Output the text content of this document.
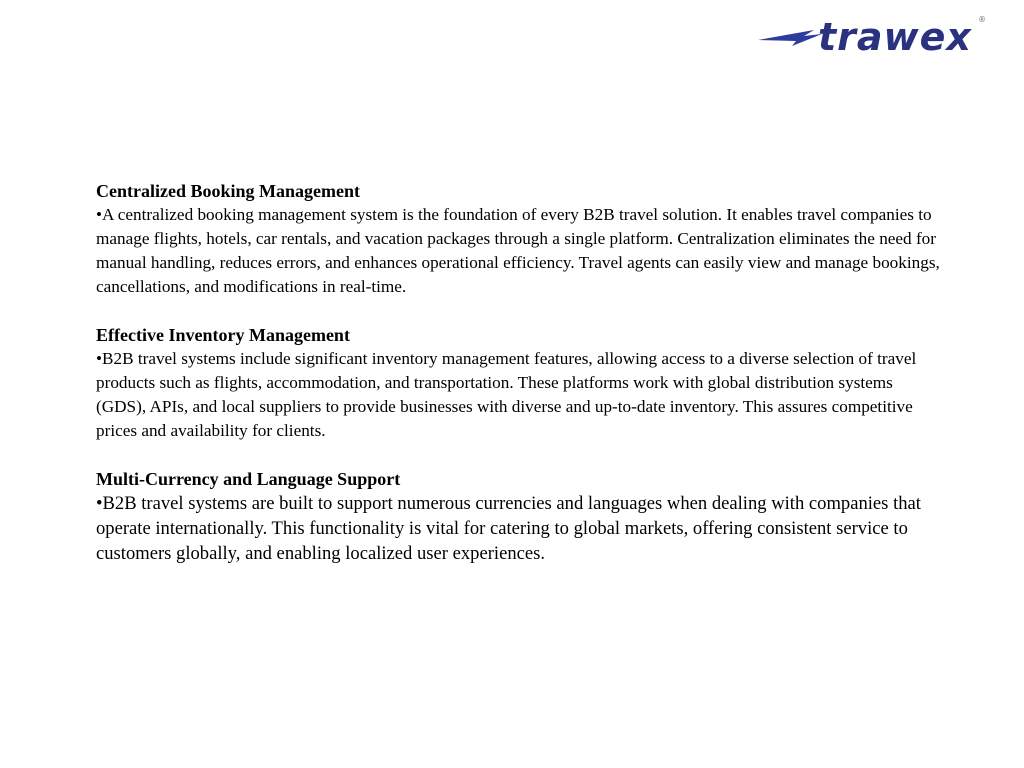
trawex ®

Centralized Booking Management

•A centralized booking management system is the foundation of every B2B travel solution. It enables travel companies to manage flights, hotels, car rentals, and vacation packages through a single platform. Centralization eliminates the need for manual handling, reduces errors, and enhances operational efficiency. Travel agents can easily view and manage bookings, cancellations, and modifications in real-time.

Effective Inventory Management

•B2B travel systems include significant inventory management features, allowing access to a diverse selection of travel products such as flights, accommodation, and transportation. These platforms work with global distribution systems (GDS), APIs, and local suppliers to provide businesses with diverse and up-to-date inventory. This assures competitive prices and availability for clients.

Multi-Currency and Language Support

•B2B travel systems are built to support numerous currencies and languages when dealing with companies that operate internationally. This functionality is vital for catering to global markets, offering consistent service to customers globally, and enabling localized user experiences.
